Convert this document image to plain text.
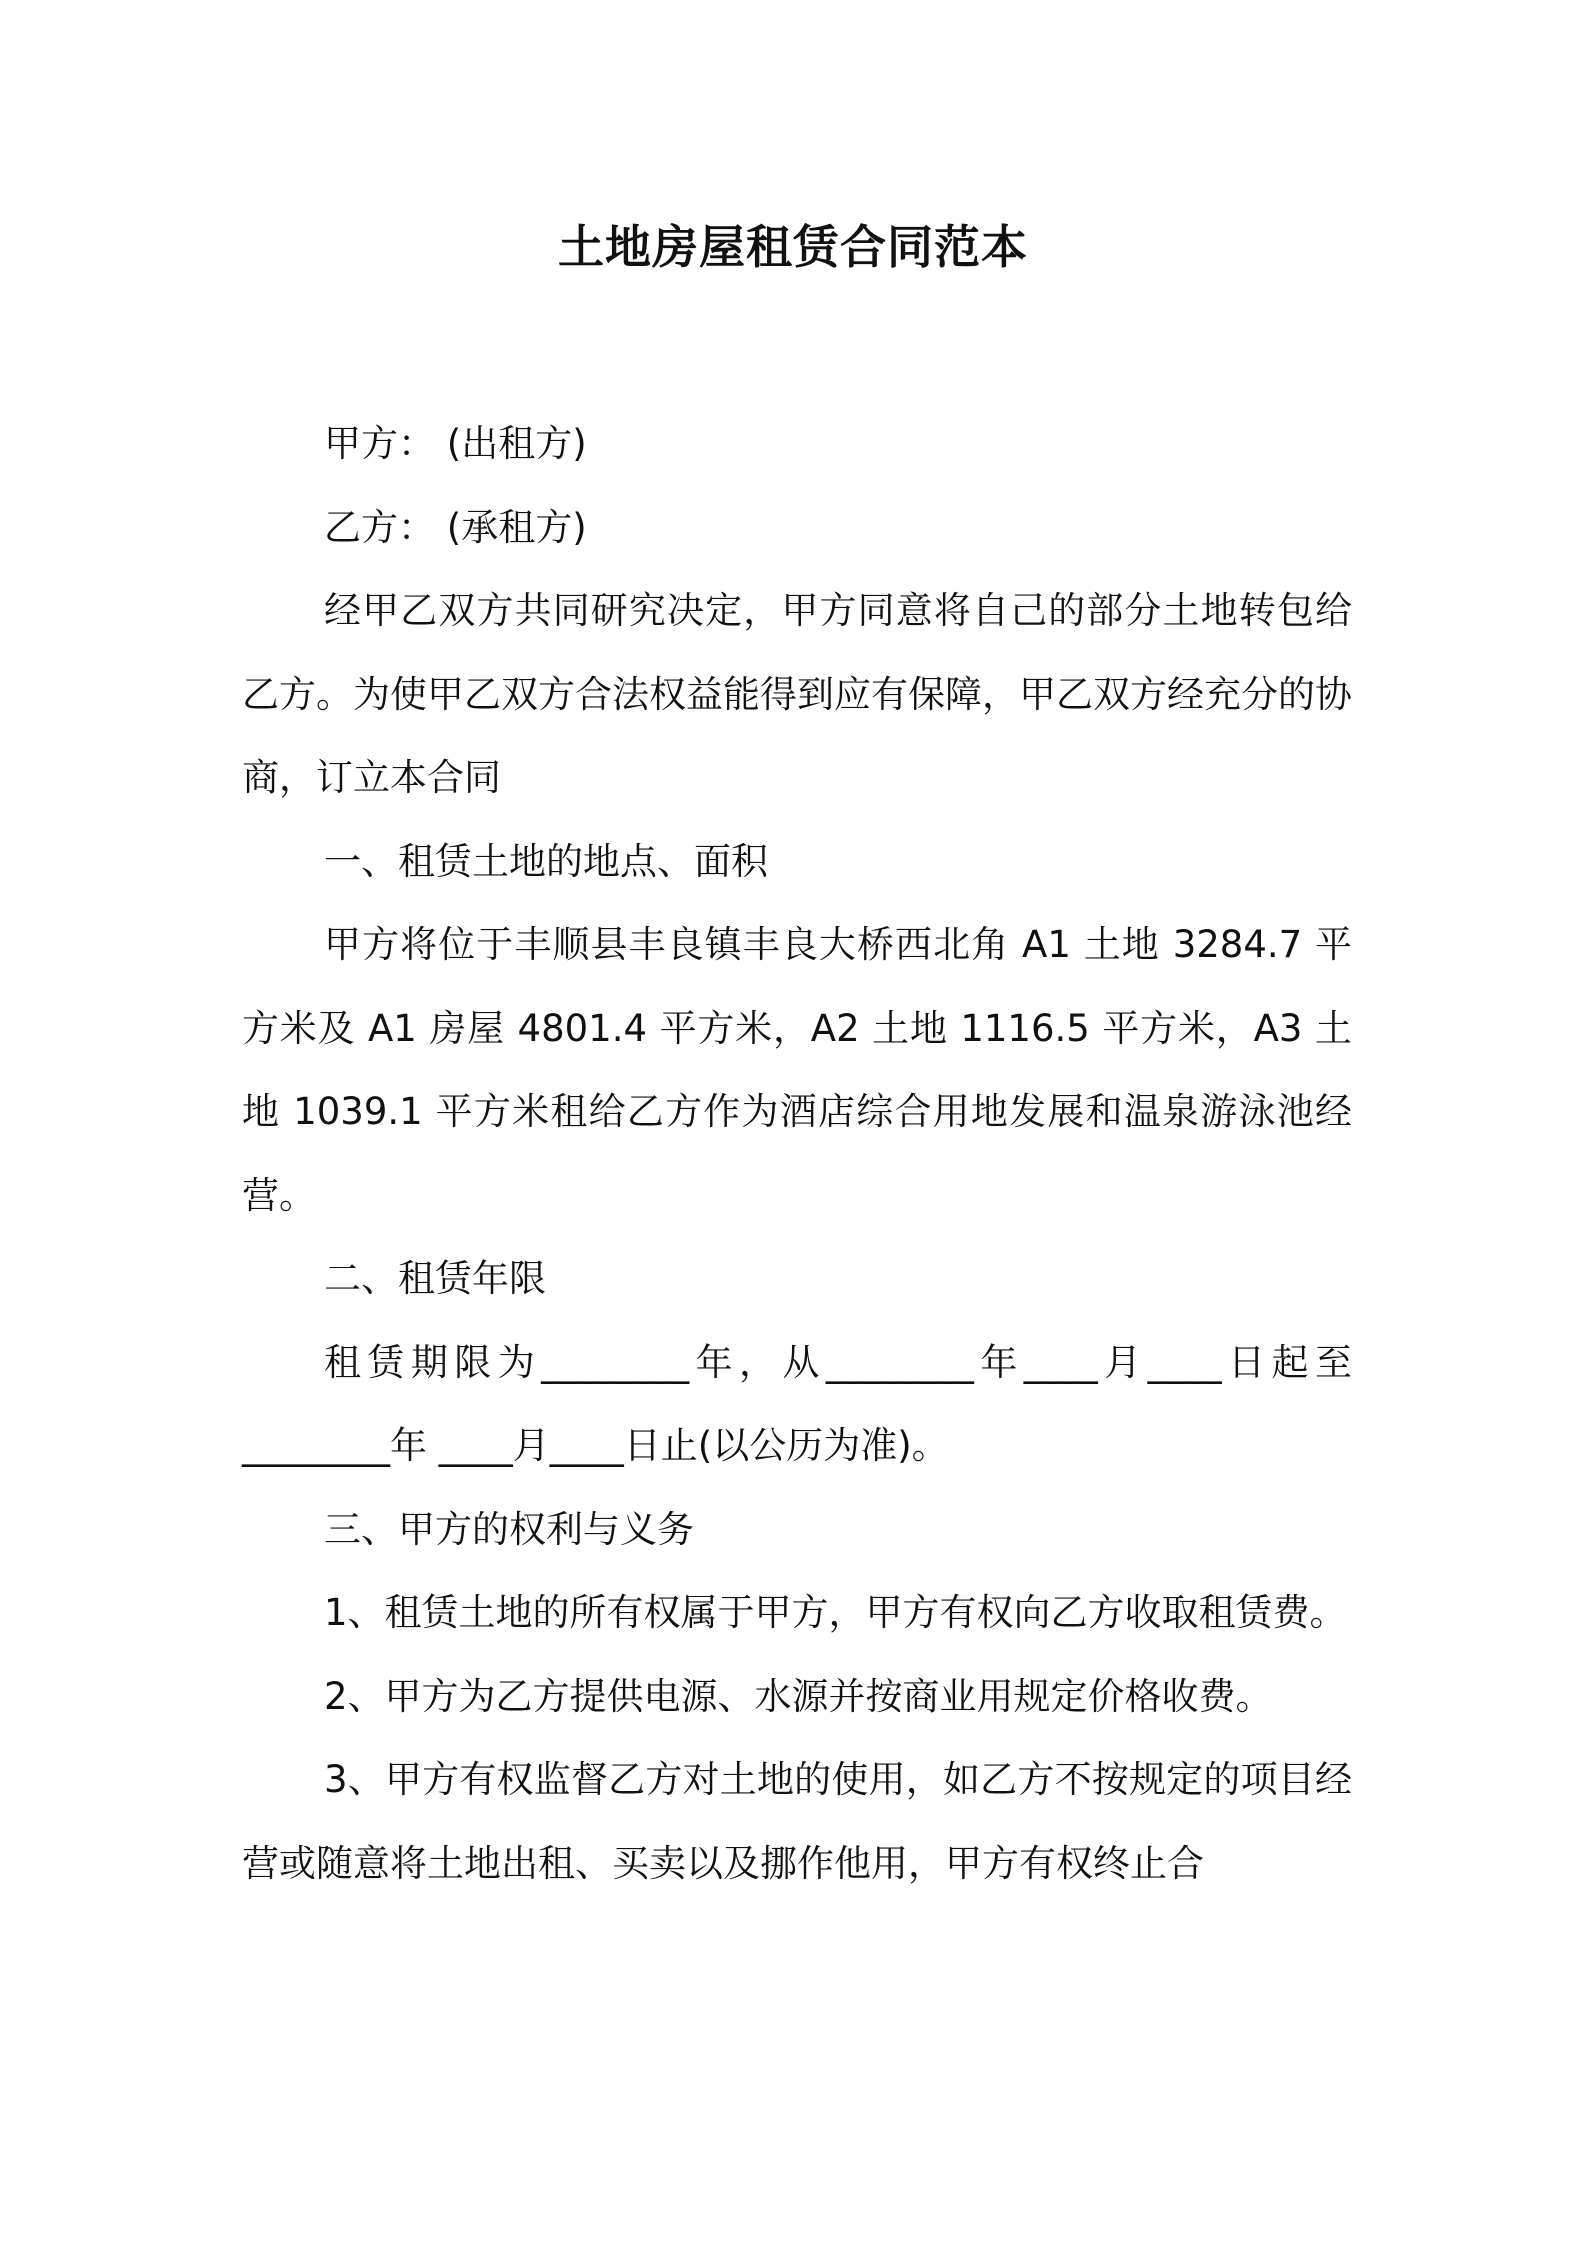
土地房屋租赁合同范本

甲方： (出租方)

乙方： (承租方)

经甲乙双方共同研究决定，甲方同意将自己的部分土地转包给乙方。为使甲乙双方合法权益能得到应有保障，甲乙双方经充分的协商，订立本合同

一、租赁土地的地点、面积

甲方将位于丰顺县丰良镇丰良大桥西北角 A1 土地 3284.7 平方米及 A1 房屋 4801.4 平方米，A2 土地 1116.5 平方米，A3 土地 1039.1 平方米租给乙方作为酒店综合用地发展和温泉游泳池经营。

二、租赁年限

租赁期限为________年，从________年____月____日起至________年 ____月____日止(以公历为准)。

三、甲方的权利与义务

1、租赁土地的所有权属于甲方，甲方有权向乙方收取租赁费。

2、甲方为乙方提供电源、水源并按商业用规定价格收费。

3、甲方有权监督乙方对土地的使用，如乙方不按规定的项目经营或随意将土地出租、买卖以及挪作他用，甲方有权终止合
